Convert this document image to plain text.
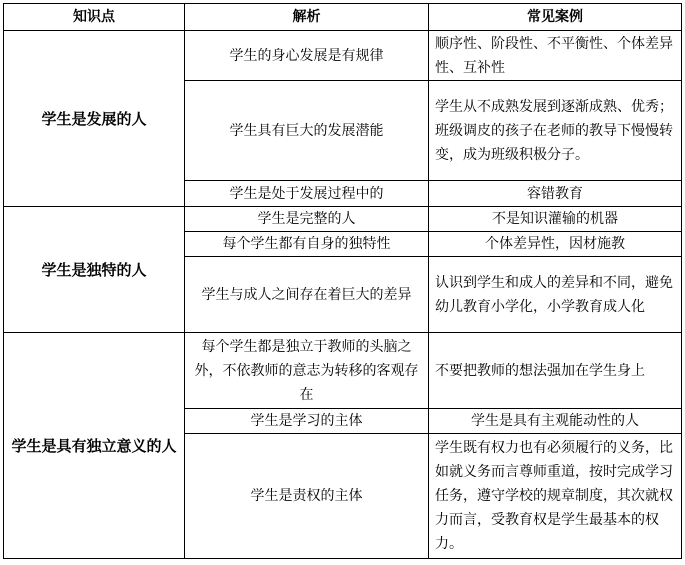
知识点	解析	常见案例
学生是发展的人	学生的身心发展是有规律	顺序性、阶段性、不平衡性、个体差异性、互补性
	学生具有巨大的发展潜能	学生从不成熟发展到逐渐成熟、优秀；班级调皮的孩子在老师的教导下慢慢转变，成为班级积极分子。
	学生是处于发展过程中的	容错教育
学生是独特的人	学生是完整的人	不是知识灌输的机器
	每个学生都有自身的独特性	个体差异性，因材施教
	学生与成人之间存在着巨大的差异	认识到学生和成人的差异和不同，避免幼儿教育小学化，小学教育成人化
学生是具有独立意义的人	每个学生都是独立于教师的头脑之外，不依教师的意志为转移的客观存在	不要把教师的想法强加在学生身上
	学生是学习的主体	学生是具有主观能动性的人
	学生是责权的主体	学生既有权力也有必须履行的义务，比如就义务而言尊师重道，按时完成学习任务，遵守学校的规章制度，其次就权力而言，受教育权是学生最基本的权力。
